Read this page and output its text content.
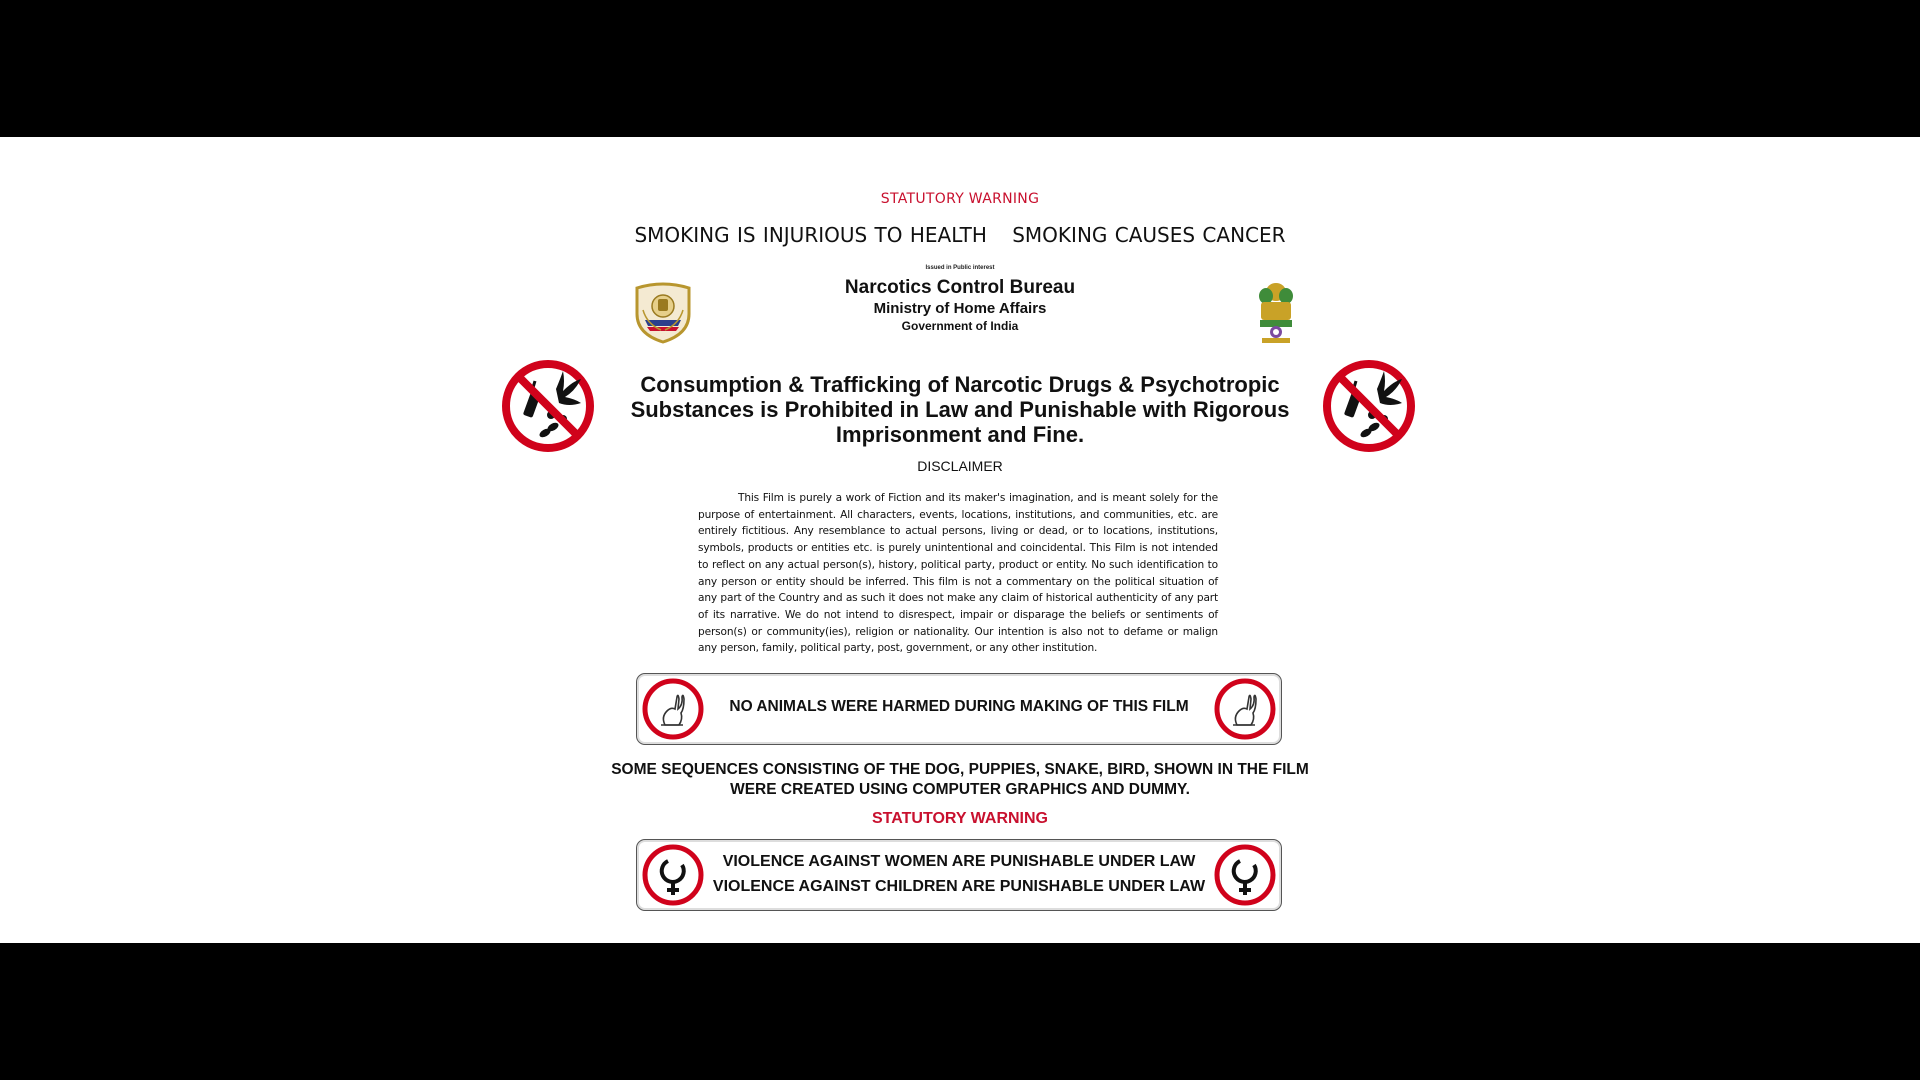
STATUTORY WARNING
SMOKING IS INJURIOUS TO HEALTH SMOKING CAUSES CANCER
Issued in Public interest
Narcotics Control Bureau
Ministry of Home Affairs
Government of India
Consumption & Trafficking of Narcotic Drugs & Psychotropic Substances is Prohibited in Law and Punishable with Rigorous Imprisonment and Fine.
DISCLAIMER
This Film is purely a work of Fiction and its maker's imagination, and is meant solely for the purpose of entertainment. All characters, events, locations, institutions, and communities, etc. are entirely fictitious. Any resemblance to actual persons, living or dead, or to locations, institutions, symbols, products or entities etc. is purely unintentional and coincidental. This Film is not intended to reflect on any actual person(s), history, political party, product or entity. No such identification to any person or entity should be inferred. This film is not a commentary on the political situation of any part of the Country and as such it does not make any claim of historical authenticity of any part of its narrative. We do not intend to disrespect, impair or disparage the beliefs or sentiments of person(s) or community(ies), religion or nationality. Our intention is also not to defame or malign any person, family, political party, post, government, or any other institution.
NO ANIMALS WERE HARMED DURING MAKING OF THIS FILM
SOME SEQUENCES CONSISTING OF THE DOG, PUPPIES, SNAKE, BIRD, SHOWN IN THE FILM WERE CREATED USING COMPUTER GRAPHICS AND DUMMY.
STATUTORY WARNING
VIOLENCE AGAINST WOMEN ARE PUNISHABLE UNDER LAW
VIOLENCE AGAINST CHILDREN ARE PUNISHABLE UNDER LAW
